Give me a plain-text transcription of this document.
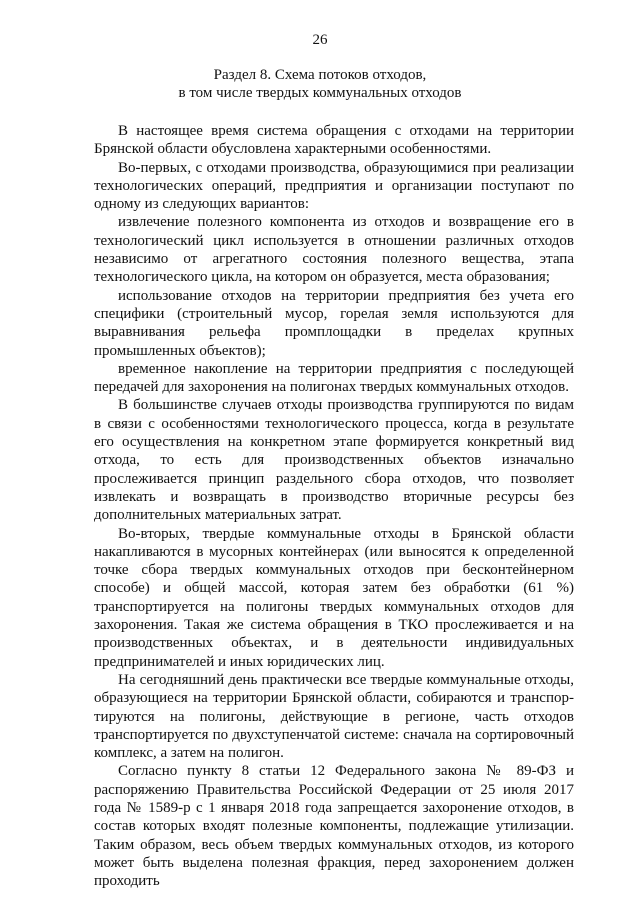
26
Раздел 8. Схема потоков отходов,
в том числе твердых коммунальных отходов

В настоящее время система обращения с отходами на территории Брянской области обусловлена характерными особенностями.

Во-первых, с отходами производства, образующимися при реализации технологических операций, предприятия и организации поступают по одному из следующих вариантов:

извлечение полезного компонента из отходов и возвращение его в технологический цикл используется в отношении различных отходов независимо от агрегатного состояния полезного вещества, этапа технологического цикла, на котором он образуется, места образования;

использование отходов на территории предприятия без учета его специфики (строительный мусор, горелая земля используются для выравнивания рельефа промплощадки в пределах крупных промышленных объектов);

временное накопление на территории предприятия с последующей передачей для захоронения на полигонах твердых коммунальных отходов.

В большинстве случаев отходы производства группируются по видам в связи с особенностями технологического процесса, когда в результате его осуществления на конкретном этапе формируется конкретный вид отхода, то есть для производственных объектов изначально прослеживается принцип раздельного сбора отходов, что позволяет извлекать и возвращать в производство вторичные ресурсы без дополнительных материальных затрат.

Во-вторых, твердые коммунальные отходы в Брянской области накапливаются в мусорных контейнерах (или выносятся к определенной точке сбора твердых коммунальных отходов при бесконтейнерном способе) и общей массой, которая затем без обработки (61 %) транспортируется на полигоны твердых коммунальных отходов для захоронения. Такая же система обращения в ТКО прослеживается и на производственных объектах, и в деятельности индивидуальных предпринимателей и иных юридических лиц.

На сегодняшний день практически все твердые коммунальные отходы, образующиеся на территории Брянской области, собираются и транспортируются на полигоны, действующие в регионе, часть отходов транспортируется по двухступенчатой системе: сначала на сортировочный комплекс, а затем на полигон.

Согласно пункту 8 статьи 12 Федерального закона № 89-ФЗ и распоряжению Правительства Российской Федерации от 25 июля 2017 года № 1589-р с 1 января 2018 года запрещается захоронение отходов, в состав которых входят полезные компоненты, подлежащие утилизации. Таким образом, весь объем твердых коммунальных отходов, из которого может быть выделена полезная фракция, перед захоронением должен проходить
